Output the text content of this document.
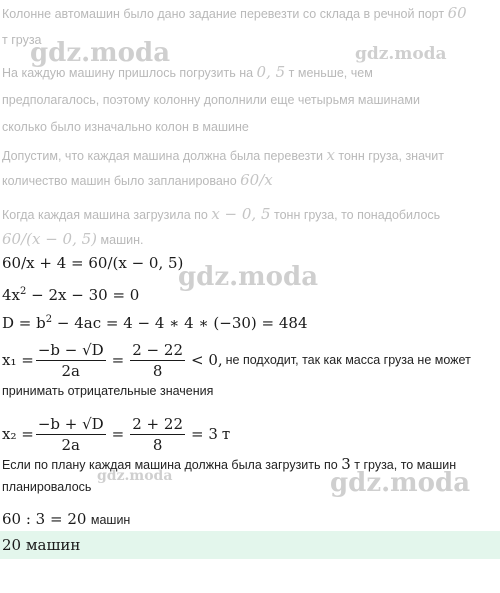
Колонне автомашин было дано задание перевезти со склада в речной порт 60
т груза
На каждую машину пришлось погрузить на 0, 5 т меньше, чем
предполагалось, поэтому колонну дополнили еще четырьмя машинами
сколько было изначально колон в машине
Допустим, что каждая машина должна была перевезти x тонн груза, значит
количество машин было запланировано 60/x
Когда каждая машина загрузила по x − 0, 5 тонн груза, то понадобилось
60/(x − 0, 5) машин.
60/x + 4 = 60/(x − 0, 5)
$4x^2 - 2x - 30 = 0$
$D = b^2 - 4ac = 4 - 4$ ∗ 4 ∗ (−30) = 484
$x_1 = \frac{-b - √D}{2a} = \frac{2 - 22}{8} < 0$, не подходит, так как масса груза не может
принимать отрицательные значения
$x_2 = \frac{-b + √D}{2a} = \frac{2 + 22}{8} = 3$ т
Если по плану каждая машина должна была загрузить по 3 т груза, то машин
планировалось
60 : 3 = 20 машин
20 машин
gdz.moda	gdz.moda
gdz.moda
gdz.moda	gdz.moda
